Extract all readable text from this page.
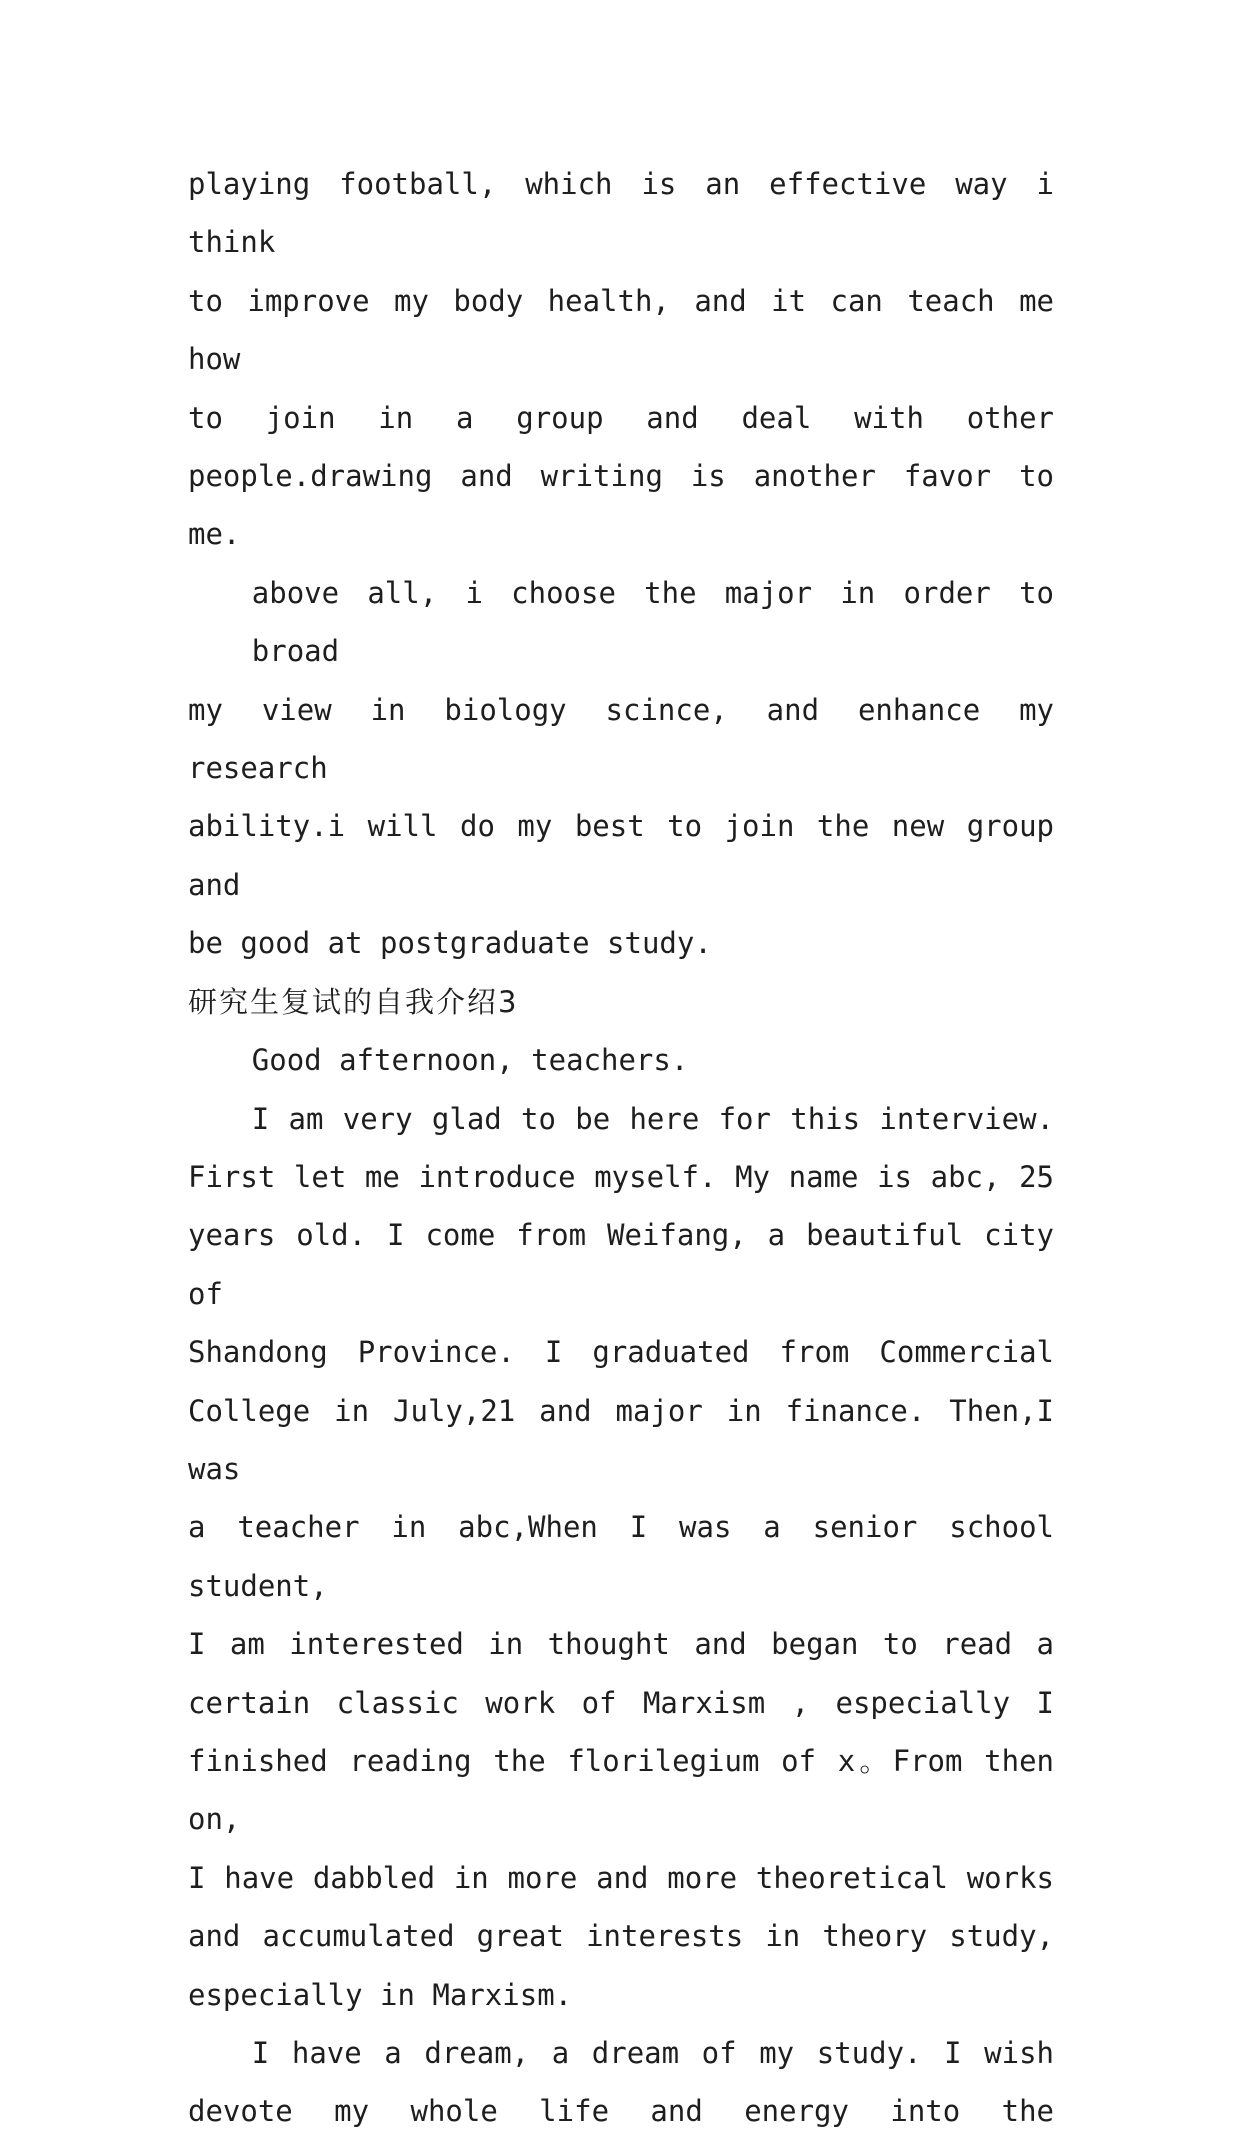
playing football, which is an effective way i think
to improve my body health, and it can teach me how
to join in a group and deal with other
people.drawing and writing is another favor to me.

above all, i choose the major in order to broad
my view in biology scince, and enhance my research
ability.i will do my best to join the new group and
be good at postgraduate study.

研究生复试的自我介绍3

Good afternoon, teachers.

I am very glad to be here for this interview.
First let me introduce myself. My name is abc, 25
years old. I come from Weifang, a beautiful city of
Shandong Province. I graduated from Commercial
College in July,21 and major in finance. Then,I was
a teacher in abc,When I was a senior school student,
I am interested in thought and began to read a
certain classic work of Marxism , especially I
finished reading the florilegium of x。From then on,
I have dabbled in more and more theoretical works
and accumulated great interests in theory study,
especially in Marxism.

I have a dream, a dream of my study. I wish
devote my whole life and energy into the
